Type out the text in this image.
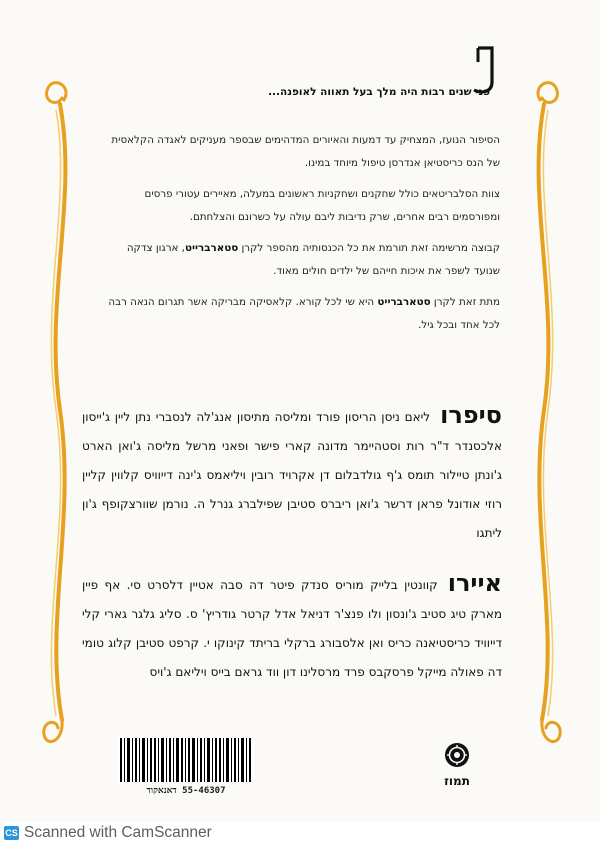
פני שנים רבות היה מלך בעל תאווה לאופנה...

הסיפור הנועז, המצחיק עד דמעות והאיורים המדהימים שבספר מעניקים לאגדה הקלאסית של הנס כריסטיאן אנדרסן טיפול מיוחד במינו.

צוות הסלבריטאים כולל שחקנים ושחקניות ראשונים במעלה, מאיירים עטורי פרסים ומפורסמים רבים אחרים, שרק נדיבות ליבם עולה על כשרונם והצלחתם.

קבוצה מרשימה זאת תורמת את כל הכנסותיה מהספר לקרן סטארברייט, ארגון צדקה שנועד לשפר את איכות חייהם של ילדים חולים מאוד.

מתת זאת לקרן סטארברייט היא שי לכל קורא. קלאסיקה מבריקה אשר תגרום הנאה רבה לכל אחד ובכל גיל.

סיפרוליאם ניסן הריסון פורד ומליסה מתיסון אנג'לה לנסברי נתן ליין ג'ייסון אלכסנדר ד"ר רות וסטהיימר מדונה קארי פישר ופאני מרשל מליסה ג'ואן הארט ג'ונתן טיילור תומס ג'ף גולדבלום דן אקרויד רובין ויליאמס ג'ינה דייוויס קלווין קליין רוזי אודונל פראן דרשר ג'ואן ריברס סטיבן שפילברג גנרל ה. נורמן שוורצקופף ג'ון ליתגו
איירוקוונטין בלייק מוריס סנדק פיטר דה סבה אטיין דלסרט סי. אף פיין מארק טיג סטיב ג'ונסון ולו פנצ'ר דניאל אדל קרטר גודריץ' ס. סליג גלגר גארי קלי דייוויד כריסטיאנה כריס ואן אלסבורג ברקלי בריתד קינוקו י. קרפט סטיבן קלוג טומי דה פאולה מייקל פרסקבס פרד מרסלינו דון ווד גראם בייס ויליאם ג'ויס
55-46307 דאנאקוד
תמוז
CS Scanned with CamScanner
